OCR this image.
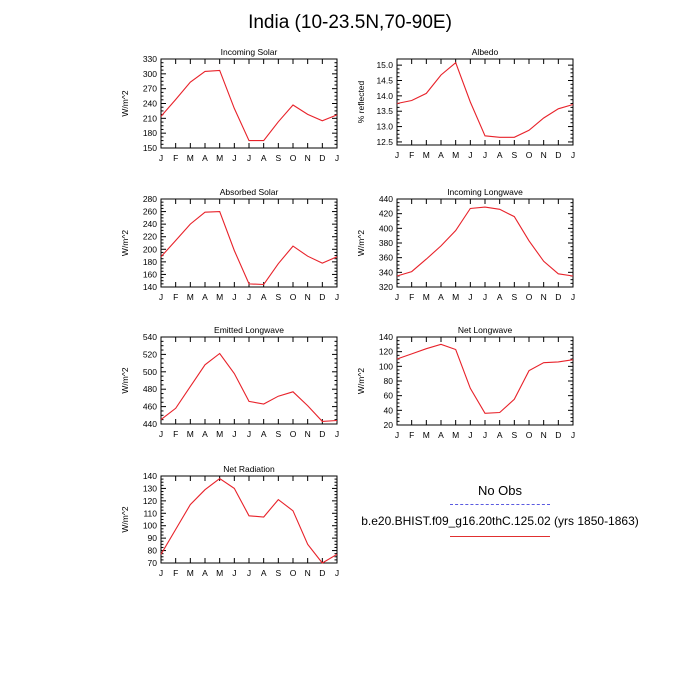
India (10-23.5N,70-90E)
Incoming Solar
W/m^2
150
180
210
240
270
300
330
J F M A M J J A S O N D J
Albedo
% reflected
12.5
13.0
13.5
14.0
14.5
15.0
J F M A M J J A S O N D J
Absorbed Solar
W/m^2
140
160
180
200
220
240
260
280
J F M A M J J A S O N D J
Incoming Longwave
W/m^2
320
340
360
380
400
420
440
J F M A M J J A S O N D J
Emitted Longwave
W/m^2
440
460
480
500
520
540
J F M A M J J A S O N D J
Net Longwave
W/m^2
20
40
60
80
100
120
140
J F M A M J J A S O N D J
Net Radiation
W/m^2
70
80
90
100
110
120
130
140
J F M A M J J A S O N D J
No Obs
b.e20.BHIST.f09_g16.20thC.125.02 (yrs 1850-1863)
